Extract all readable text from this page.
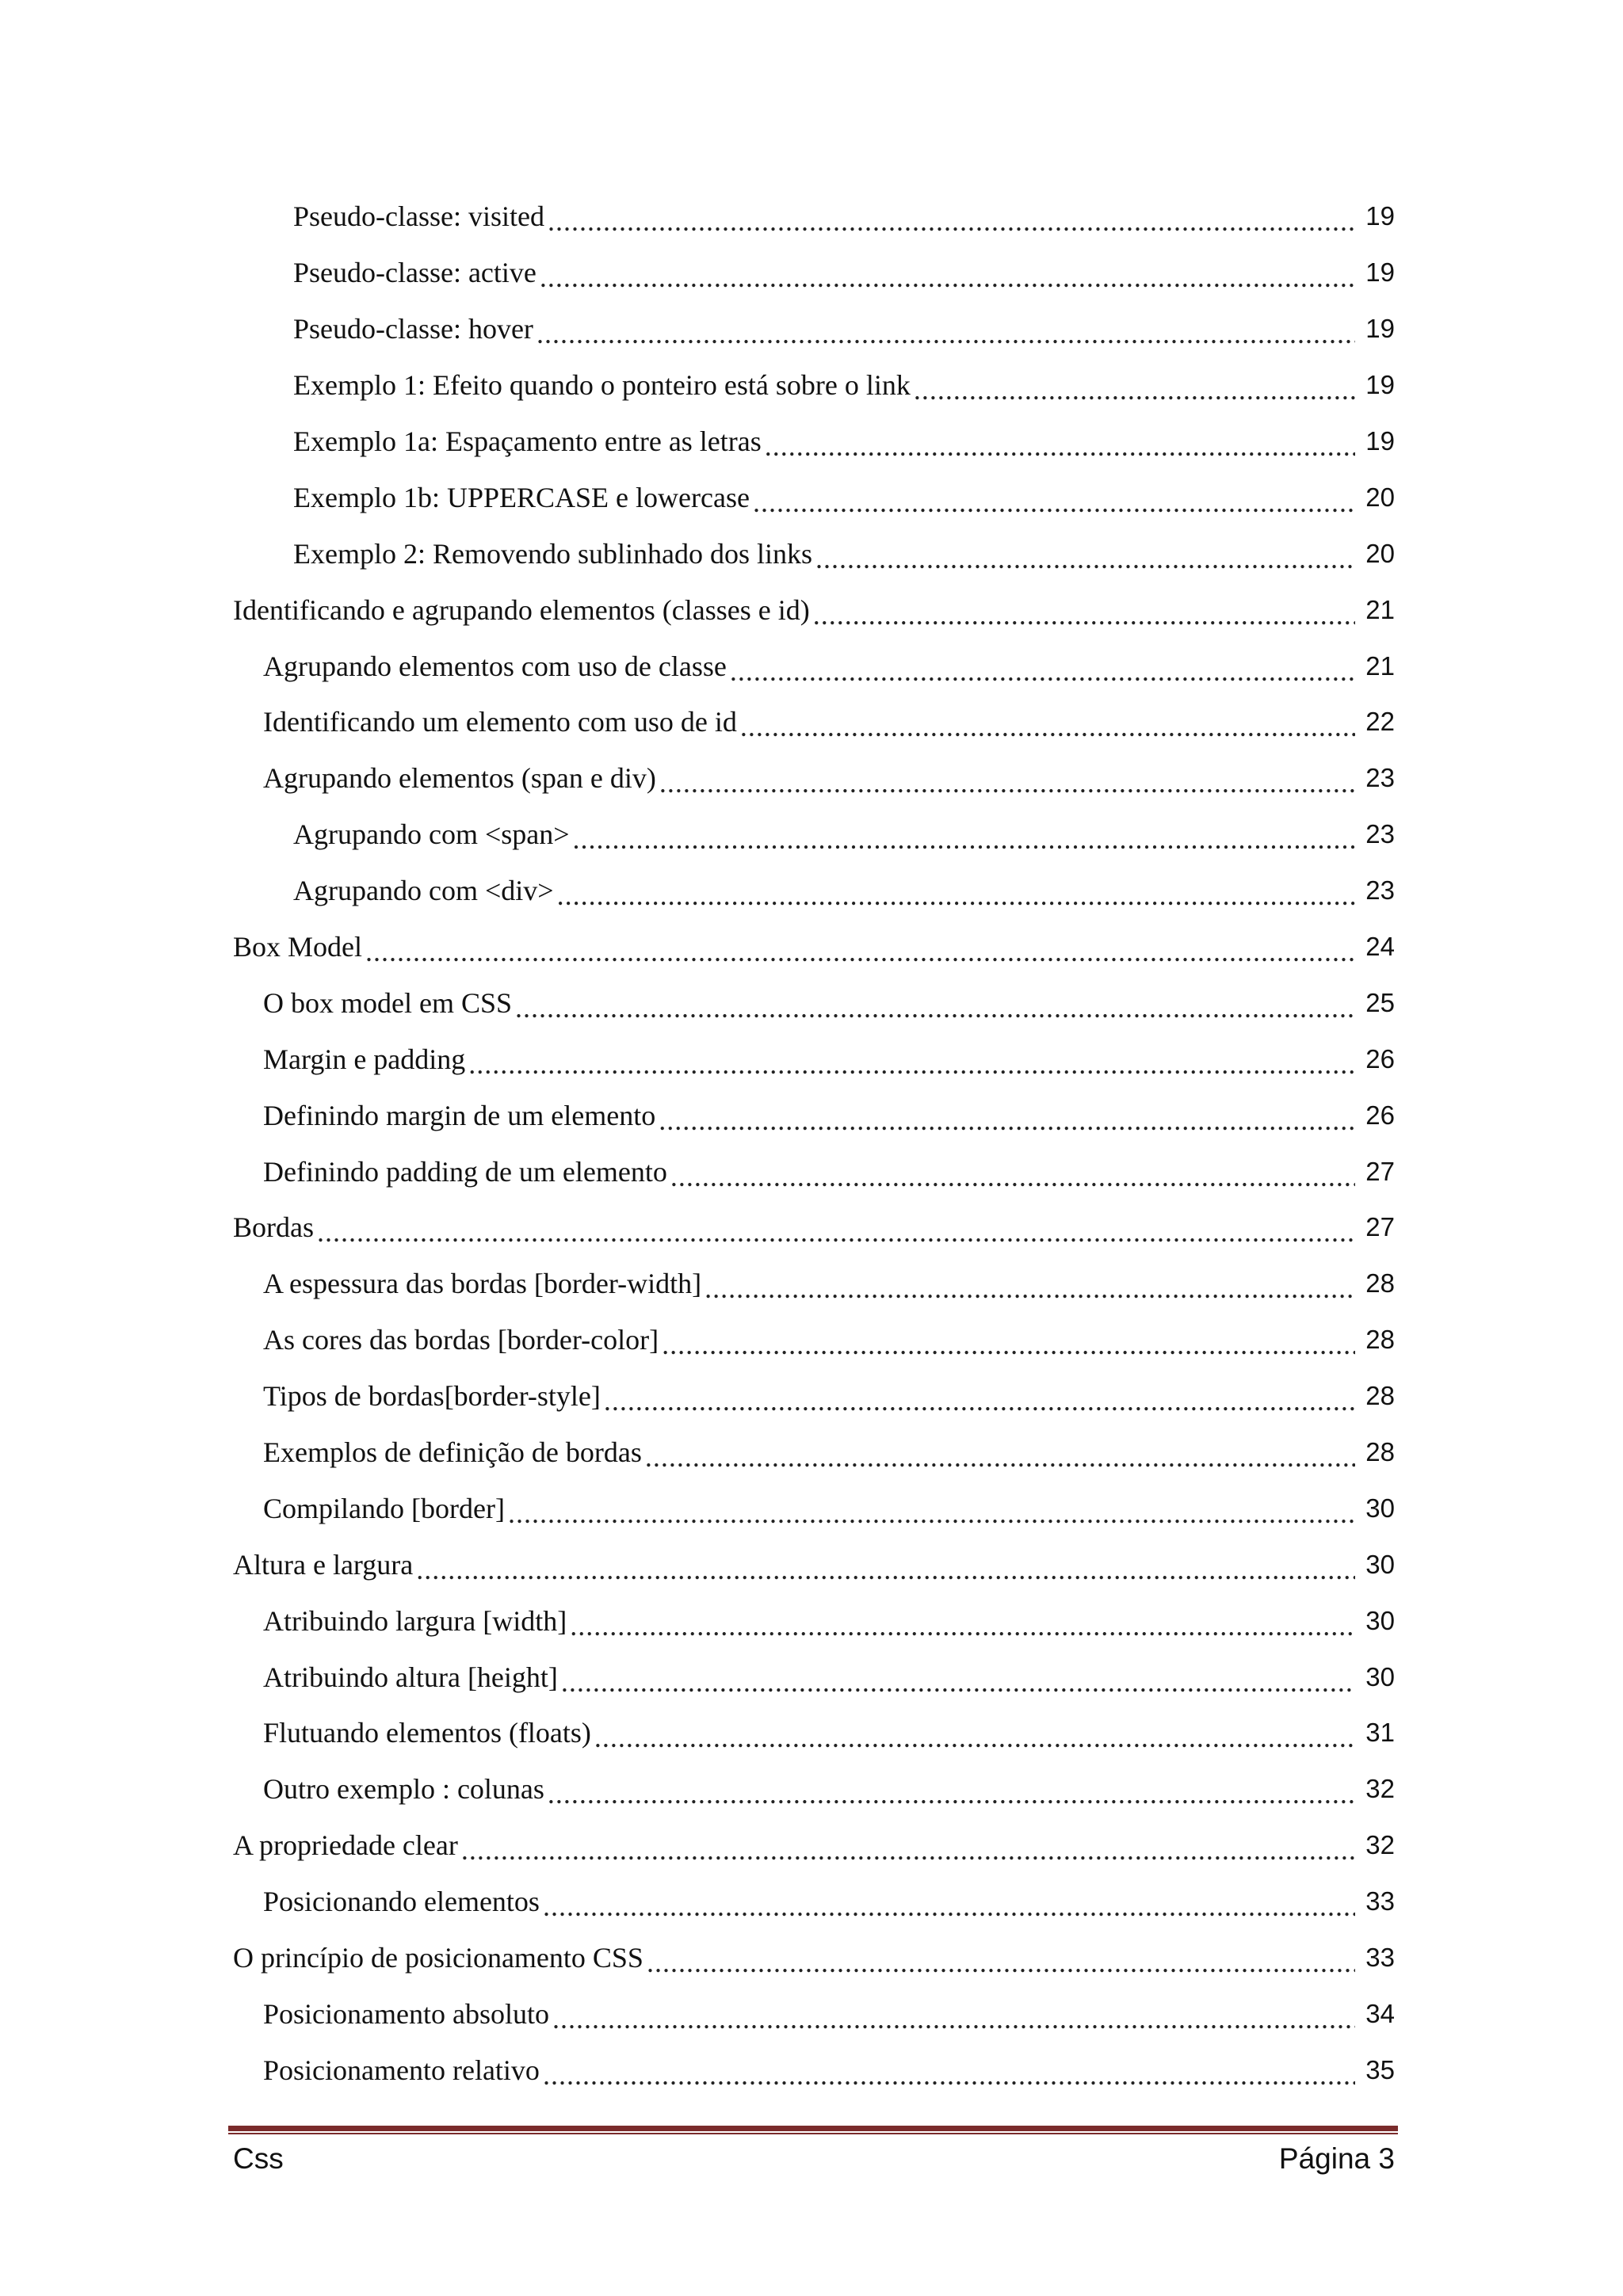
Pseudo-classe: visited .....	19
Pseudo-classe: active .....	19
Pseudo-classe: hover .....	19
Exemplo 1: Efeito quando o ponteiro está sobre o link .....	19
Exemplo 1a: Espaçamento entre as letras .....	19
Exemplo 1b: UPPERCASE e lowercase .....	20
Exemplo 2: Removendo sublinhado dos links .....	20
Identificando e agrupando elementos (classes e id) .....	21
Agrupando elementos com uso de classe .....	21
Identificando um elemento com uso de id .....	22
Agrupando elementos (span e div) .....	23
Agrupando com <span> .....	23
Agrupando com <div> .....	23
Box Model .....	24
O box model em CSS .....	25
Margin e padding .....	26
Definindo margin de um elemento .....	26
Definindo padding de um elemento .....	27
Bordas .....	27
A espessura das bordas [border-width] .....	28
As cores das bordas [border-color] .....	28
Tipos de bordas[border-style] .....	28
Exemplos de definição de bordas .....	28
Compilando [border] .....	30
Altura e largura .....	30
Atribuindo largura [width] .....	30
Atribuindo altura [height] .....	30
Flutuando elementos (floats) .....	31
Outro exemplo : colunas .....	32
A propriedade clear .....	32
Posicionando elementos .....	33
O princípio de posicionamento CSS .....	33
Posicionamento absoluto .....	34
Posicionamento relativo .....	35
Css	Página 3
